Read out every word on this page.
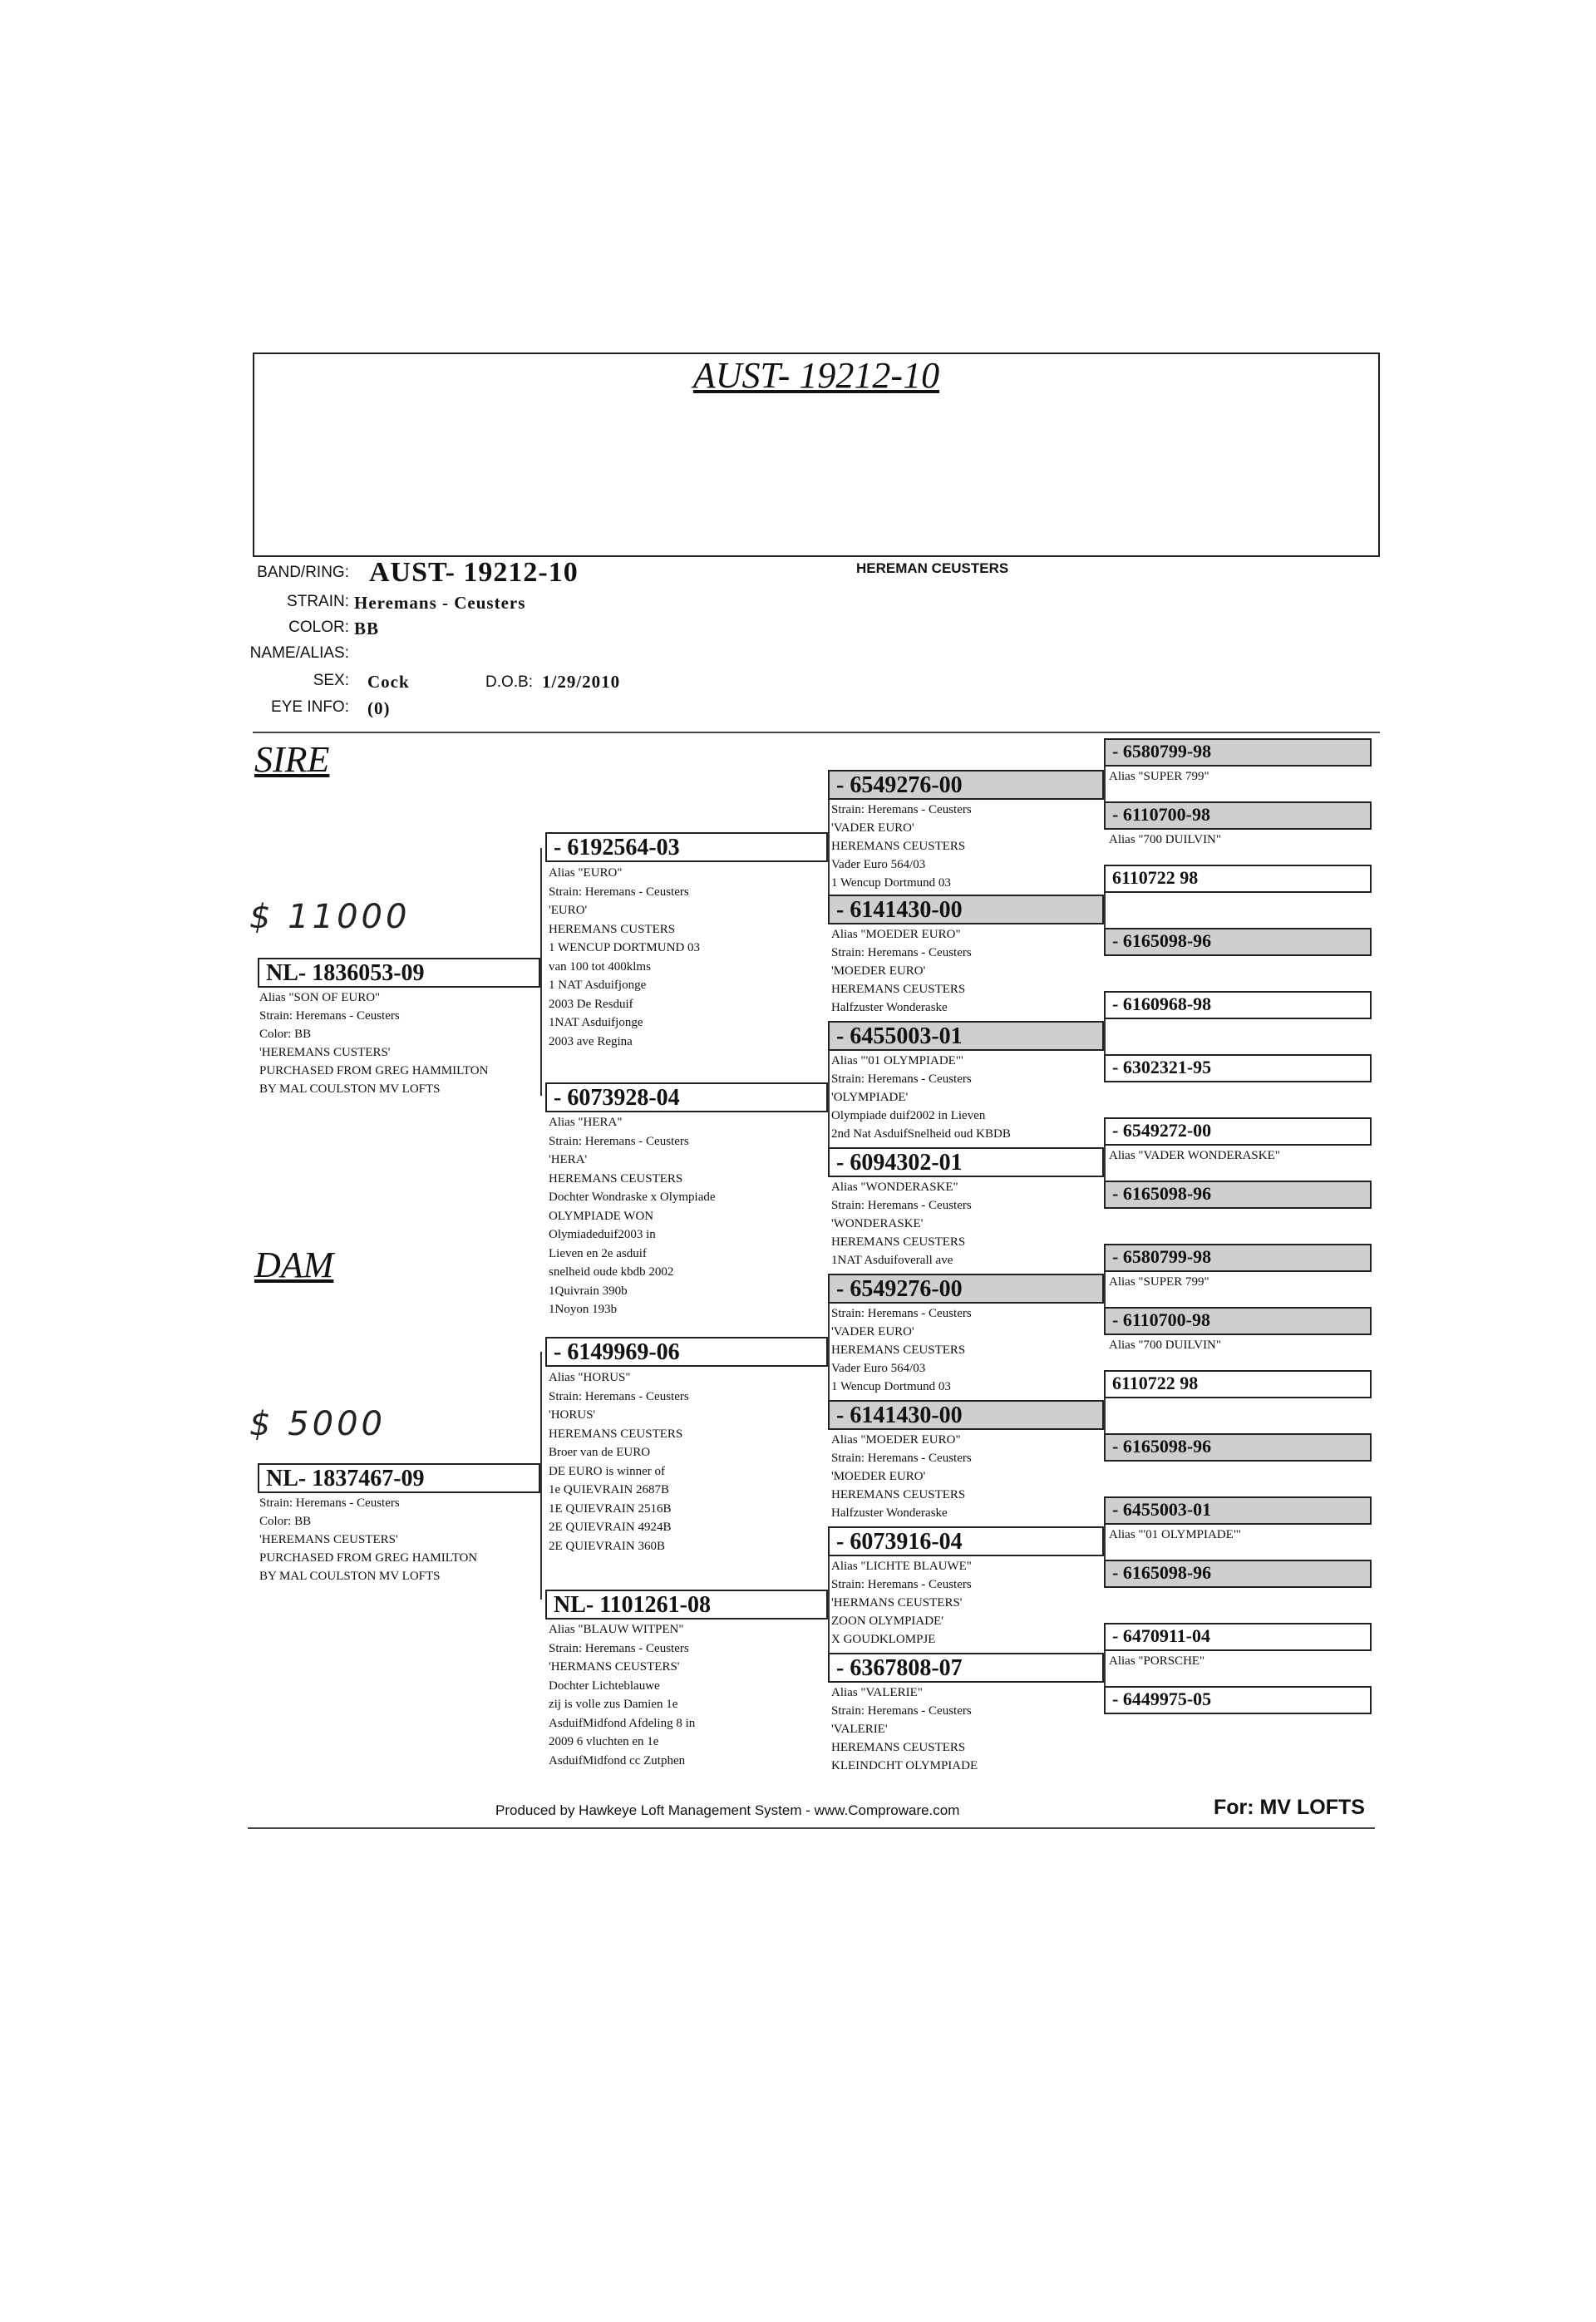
AUST- 19212-10
BAND/RING: AUST- 19212-10
STRAIN: Heremans - Ceusters
COLOR: BB
NAME/ALIAS:
SEX: Cock	D.O.B: 1/29/2010
EYE INFO: (0)
HEREMAN CEUSTERS
SIRE
DAM
$ 11000
$ 5000
NL- 1836053-09
Alias "SON OF EURO"
Strain: Heremans - Ceusters
Color: BB
'HEREMANS CUSTERS'
PURCHASED FROM GREG HAMMILTON
BY MAL COULSTON MV LOFTS
NL- 1837467-09
Strain: Heremans - Ceusters
Color: BB
'HEREMANS CEUSTERS'
PURCHASED FROM GREG HAMILTON
BY MAL COULSTON MV LOFTS
- 6192564-03
Alias "EURO"
Strain: Heremans - Ceusters
'EURO'
HEREMANS CUSTERS
1 WENCUP DORTMUND 03
van 100 tot 400klms
1 NAT Asduifjonge
2003 De Resduif
1NAT Asduifjonge
2003 ave Regina
- 6073928-04
Alias "HERA"
Strain: Heremans - Ceusters
'HERA'
HEREMANS CEUSTERS
Dochter Wondraske x Olympiade
OLYMPIADE WON
Olymiadeduif2003 in
Lieven en 2e asduif
snelheid oude kbdb 2002
1Quivrain 390b
1Noyon 193b
- 6149969-06
Alias "HORUS"
Strain: Heremans - Ceusters
'HORUS'
HEREMANS CEUSTERS
Broer van de EURO
DE EURO is winner of
1e QUIEVRAIN 2687B
1E QUIEVRAIN 2516B
2E QUIEVRAIN 4924B
2E QUIEVRAIN 360B
NL- 1101261-08
Alias "BLAUW WITPEN"
Strain: Heremans - Ceusters
'HERMANS CEUSTERS'
Dochter Lichteblauwe
zij is volle zus Damien 1e
AsduifMidfond Afdeling 8 in
2009 6 vluchten en 1e
AsduifMidfond cc Zutphen
- 6549276-00
Strain: Heremans - Ceusters
'VADER EURO'
HEREMANS CEUSTERS
Vader Euro 564/03
1 Wencup Dortmund 03
- 6141430-00
Alias "MOEDER EURO"
Strain: Heremans - Ceusters
'MOEDER EURO'
HEREMANS CEUSTERS
Halfzuster Wonderaske
- 6455003-01
Alias "'01 OLYMPIADE"'
Strain: Heremans - Ceusters
'OLYMPIADE'
Olympiade duif2002 in Lieven
2nd Nat AsduifSnelheid oud KBDB
- 6094302-01
Alias "WONDERASKE"
Strain: Heremans - Ceusters
'WONDERASKE'
HEREMANS CEUSTERS
1NAT Asduifoverall ave
- 6549276-00
Strain: Heremans - Ceusters
'VADER EURO'
HEREMANS CEUSTERS
Vader Euro 564/03
1 Wencup Dortmund 03
- 6141430-00
Alias "MOEDER EURO"
Strain: Heremans - Ceusters
'MOEDER EURO'
HEREMANS CEUSTERS
Halfzuster Wonderaske
- 6073916-04
Alias "LICHTE BLAUWE"
Strain: Heremans - Ceusters
'HERMANS CEUSTERS'
ZOON OLYMPIADE'
X GOUDKLOMPJE
- 6367808-07
Alias "VALERIE"
Strain: Heremans - Ceusters
'VALERIE'
HEREMANS CEUSTERS
KLEINDCHT OLYMPIADE
- 6580799-98
Alias "SUPER 799"
- 6110700-98
Alias "700 DUILVIN"
6110722 98
- 6165098-96
- 6160968-98
- 6302321-95
- 6549272-00
Alias "VADER WONDERASKE"
- 6165098-96
- 6580799-98
Alias "SUPER 799"
- 6110700-98
Alias "700 DUILVIN"
6110722 98
- 6165098-96
- 6455003-01
Alias "'01 OLYMPIADE"'
- 6165098-96
- 6470911-04
Alias "PORSCHE"
- 6449975-05
Produced by Hawkeye Loft Management System - www.Comproware.com	For: MV LOFTS
